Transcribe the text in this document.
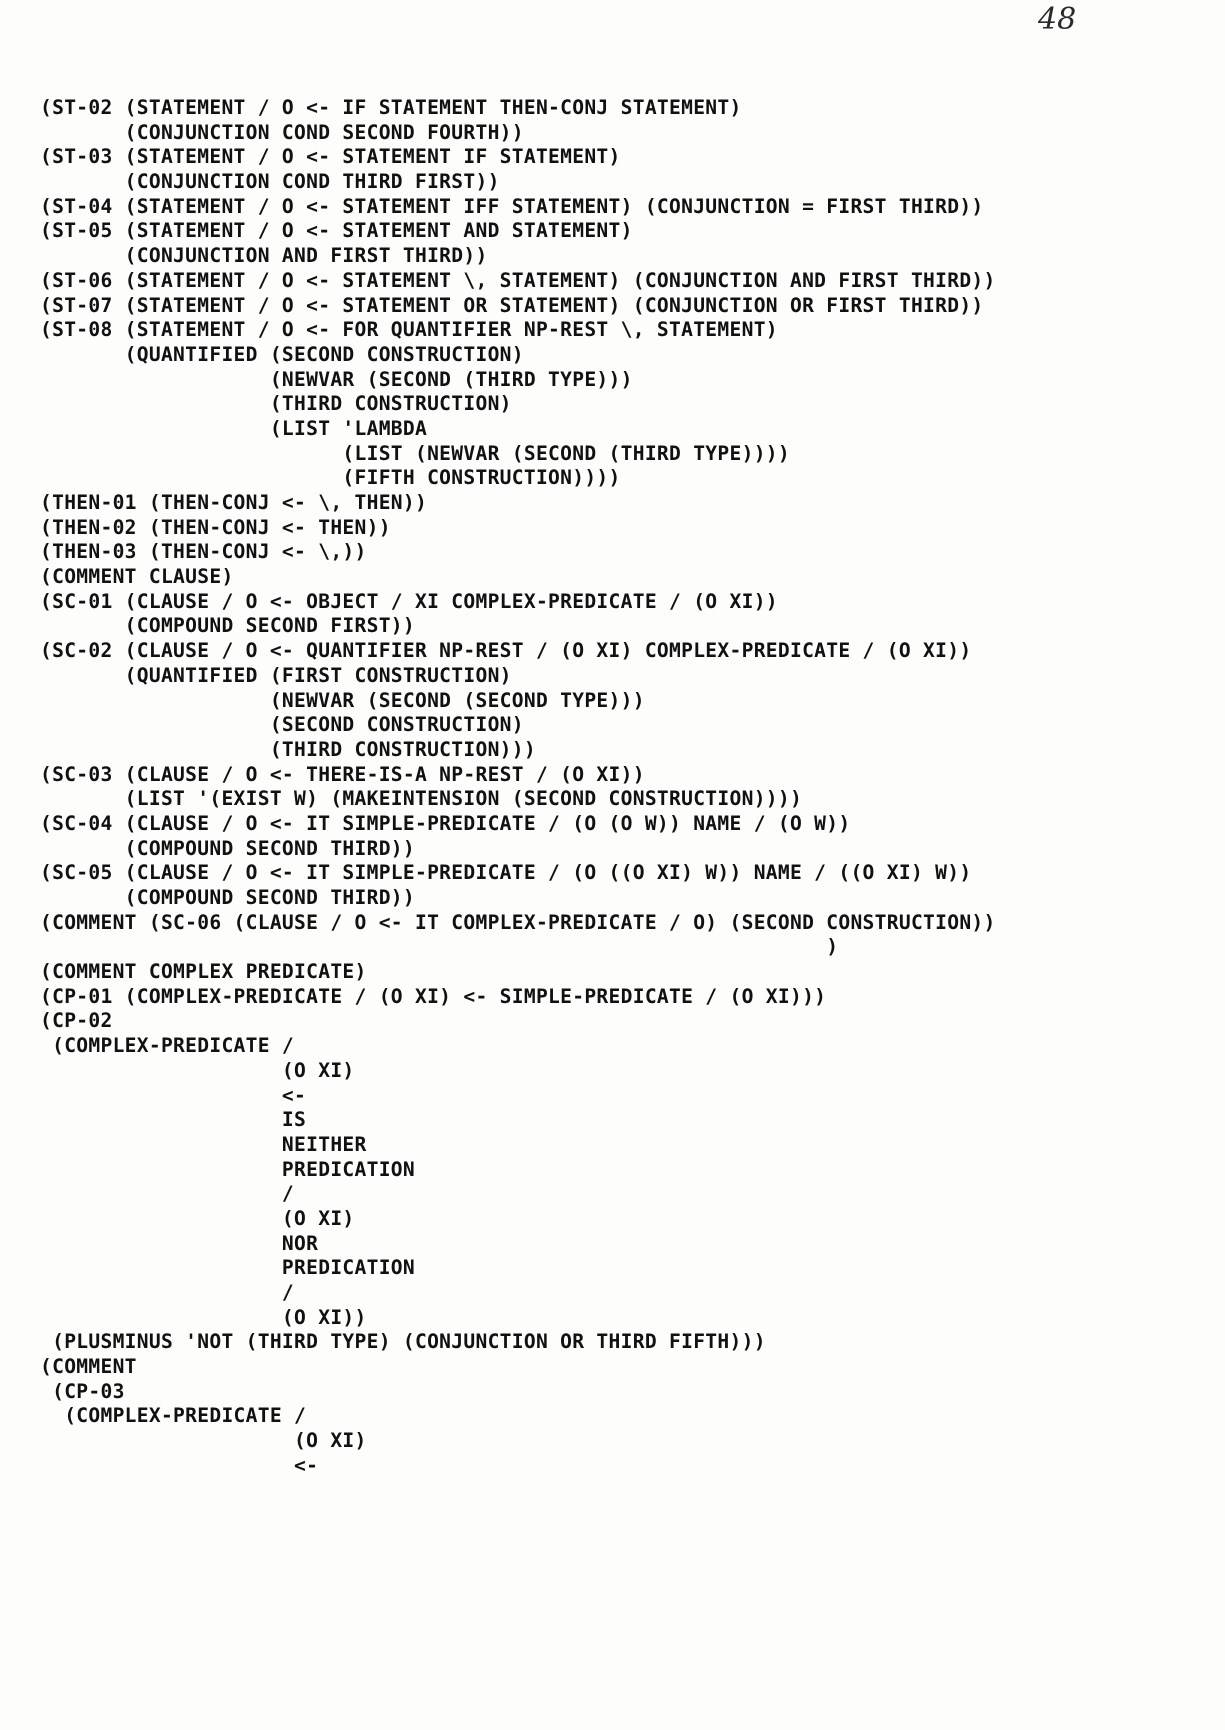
48
(ST-02 (STATEMENT / O <- IF STATEMENT THEN-CONJ STATEMENT)
(CONJUNCTION COND SECOND FOURTH))
(ST-03 (STATEMENT / O <- STATEMENT IF STATEMENT)
(CONJUNCTION COND THIRD FIRST))
(ST-04 (STATEMENT / O <- STATEMENT IFF STATEMENT) (CONJUNCTION = FIRST THIRD))
(ST-05 (STATEMENT / O <- STATEMENT AND STATEMENT)
(CONJUNCTION AND FIRST THIRD))
(ST-06 (STATEMENT / O <- STATEMENT \, STATEMENT) (CONJUNCTION AND FIRST THIRD))
(ST-07 (STATEMENT / O <- STATEMENT OR STATEMENT) (CONJUNCTION OR FIRST THIRD))
(ST-08 (STATEMENT / O <- FOR QUANTIFIER NP-REST \, STATEMENT)
(QUANTIFIED (SECOND CONSTRUCTION)
(NEWVAR (SECOND (THIRD TYPE)))
(THIRD CONSTRUCTION)
(LIST 'LAMBDA
(LIST (NEWVAR (SECOND (THIRD TYPE))))
(FIFTH CONSTRUCTION))))
(THEN-01 (THEN-CONJ <- \, THEN))
(THEN-02 (THEN-CONJ <- THEN))
(THEN-03 (THEN-CONJ <- \,))
(COMMENT CLAUSE)
(SC-01 (CLAUSE / O <- OBJECT / XI COMPLEX-PREDICATE / (O XI))
(COMPOUND SECOND FIRST))
(SC-02 (CLAUSE / O <- QUANTIFIER NP-REST / (O XI) COMPLEX-PREDICATE / (O XI))
(QUANTIFIED (FIRST CONSTRUCTION)
(NEWVAR (SECOND (SECOND TYPE)))
(SECOND CONSTRUCTION)
(THIRD CONSTRUCTION)))
(SC-03 (CLAUSE / O <- THERE-IS-A NP-REST / (O XI))
(LIST '(EXIST W) (MAKEINTENSION (SECOND CONSTRUCTION))))
(SC-04 (CLAUSE / O <- IT SIMPLE-PREDICATE / (O (O W)) NAME / (O W))
(COMPOUND SECOND THIRD))
(SC-05 (CLAUSE / O <- IT SIMPLE-PREDICATE / (O ((O XI) W)) NAME / ((O XI) W))
(COMPOUND SECOND THIRD))
(COMMENT (SC-06 (CLAUSE / O <- IT COMPLEX-PREDICATE / O) (SECOND CONSTRUCTION))
)
(COMMENT COMPLEX PREDICATE)
(CP-01 (COMPLEX-PREDICATE / (O XI) <- SIMPLE-PREDICATE / (O XI)))
(CP-02
(COMPLEX-PREDICATE /
(O XI)
<-
IS
NEITHER
PREDICATION
/
(O XI)
NOR
PREDICATION
/
(O XI))
(PLUSMINUS 'NOT (THIRD TYPE) (CONJUNCTION OR THIRD FIFTH)))
(COMMENT
(CP-03
(COMPLEX-PREDICATE /
(O XI)
<-
